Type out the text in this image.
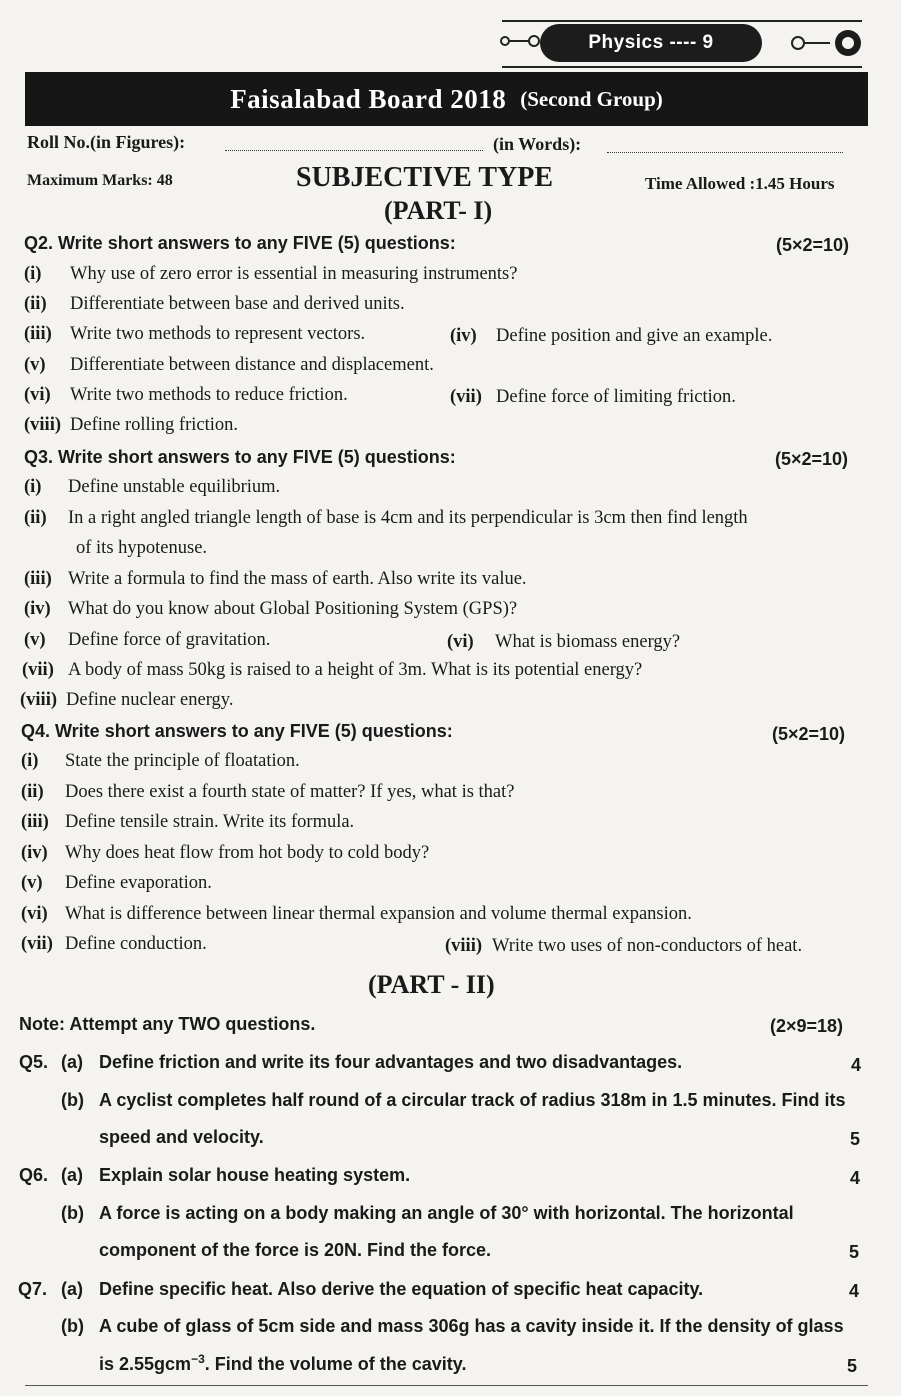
Physics ---- 9
Faisalabad Board 2018 (Second Group)
Roll No.(in Figures):	(in Words):
Maximum Marks: 48	SUBJECTIVE TYPE	Time Allowed :1.45 Hours
(PART- I)
Q2. Write short answers to any FIVE (5) questions:	(5×2=10)
(i) Why use of zero error is essential in measuring instruments?
(ii) Differentiate between base and derived units.
(iii) Write two methods to represent vectors.	(iv) Define position and give an example.
(v) Differentiate between distance and displacement.
(vi) Write two methods to reduce friction.	(vii) Define force of limiting friction.
(viii) Define rolling friction.
Q3. Write short answers to any FIVE (5) questions:	(5×2=10)
(i) Define unstable equilibrium.
(ii) In a right angled triangle length of base is 4cm and its perpendicular is 3cm then find length
of its hypotenuse.
(iii) Write a formula to find the mass of earth. Also write its value.
(iv) What do you know about Global Positioning System (GPS)?
(v) Define force of gravitation.	(vi) What is biomass energy?
(vii) A body of mass 50kg is raised to a height of 3m. What is its potential energy?
(viii) Define nuclear energy.
Q4. Write short answers to any FIVE (5) questions:	(5×2=10)
(i) State the principle of floatation.
(ii) Does there exist a fourth state of matter? If yes, what is that?
(iii) Define tensile strain. Write its formula.
(iv) Why does heat flow from hot body to cold body?
(v) Define evaporation.
(vi) What is difference between linear thermal expansion and volume thermal expansion.
(vii) Define conduction.	(viii) Write two uses of non-conductors of heat.
(PART - II)
Note: Attempt any TWO questions.	(2×9=18)
Q5. (a) Define friction and write its four advantages and two disadvantages.	4
(b) A cyclist completes half round of a circular track of radius 318m in 1.5 minutes. Find its
speed and velocity.	5
Q6. (a) Explain solar house heating system.	4
(b) A force is acting on a body making an angle of 30° with horizontal. The horizontal
component of the force is 20N. Find the force.	5
Q7. (a) Define specific heat. Also derive the equation of specific heat capacity.	4
(b) A cube of glass of 5cm side and mass 306g has a cavity inside it. If the density of glass
is 2.55gcm$^{-3}$. Find the volume of the cavity.	5
